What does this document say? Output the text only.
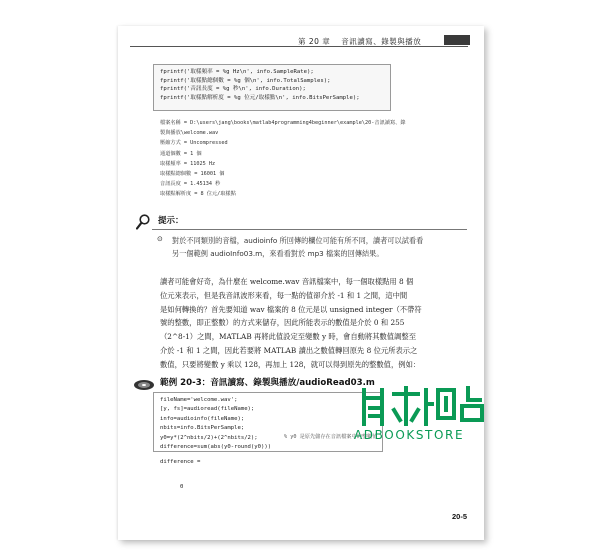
第 20 章 音訊讀寫、錄製與播放
fprintf('取樣頻率 = %g Hz\n', info.SampleRate);
fprintf('取樣點總個數 = %g 個\n', info.TotalSamples);
fprintf('音訊長度 = %g 秒\n', info.Duration);
fprintf('取樣點解析度 = %g 位元/取樣點\n', info.BitsPerSample);
檔案名稱 = D:\users\jang\books\matlab4programming4beginner\example\20-音訊讀寫、錄
製與播放\welcome.wav
壓縮方式 = Uncompressed
通道個數 = 1 個
取樣頻率 = 11025 Hz
取樣點總個數 = 16001 個
音訊長度 = 1.45134 秒
取樣點解析度 = 8 位元/取樣點
提示：
⊙ 對於不同類別的音檔，audioinfo 所回傳的欄位可能有所不同，讀者可以試看看
另一個範例 audioInfo03.m，來看看對於 mp3 檔案的回傳結果。
讀者可能會好奇，為什麼在 welcome.wav 音訊檔案中，每一個取樣點用 8 個
位元來表示，但是我音訊波形來看，每一點的值卻介於 -1 和 1 之間，這中間
是如何轉換的？首先要知道 wav 檔案的 8 位元是以 unsigned integer（不帶符
號的整數，即正整數）的方式來儲存，因此所能表示的數值是介於 0 和 255
（2^8-1）之間，MATLAB 再將此值設定至變數 y 時，會自動將其數值調整至
介於 -1 和 1 之間，因此若要將 MATLAB 讀出之數值轉回原先 8 位元所表示之
數值，只要將變數 y 乘以 128，再加上 128，就可以得到原先的整數值，例如：
範例 20-3：音訊讀寫、錄製與播放/audioRead03.m
fileName='welcome.wav';
[y, fs]=audioread(fileName);
info=audioinfo(fileName);
nbits=info.BitsPerSample;
y0=y*(2^nbits/2)+(2^nbits/2);
difference=sum(abs(y0-round(y0)))
% y0 是原先儲存在音訊檔案中的整數值
difference =
0
ADBOOKSTORE
20-5
